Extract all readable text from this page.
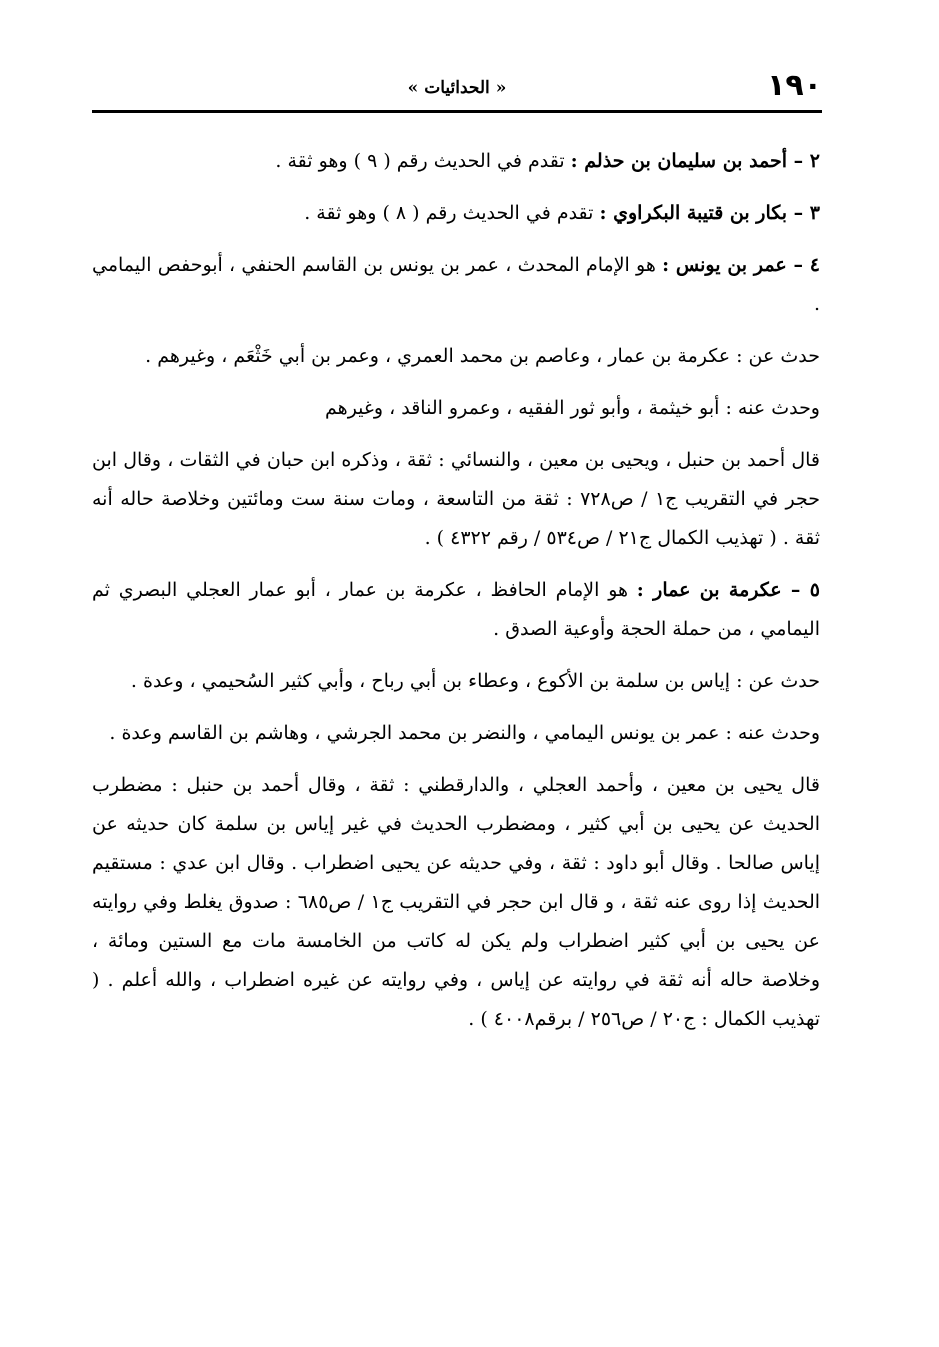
١٩٠
« الحدائيات »

٢ – أحمد بن سليمان بن حذلم : تقدم في الحديث رقم ( ٩ ) وهو ثقة .

٣ – بكار بن قتيبة البكراوي : تقدم في الحديث رقم ( ٨ ) وهو ثقة .

٤ – عمر بن يونس : هو الإمام المحدث ، عمر بن يونس بن القاسم الحنفي ، أبوحفص اليمامي .

حدث عن : عكرمة بن عمار ، وعاصم بن محمد العمري ، وعمر بن أبي خَثْعَم ، وغيرهم .

وحدث عنه : أبو خيثمة ، وأبو ثور الفقيه ، وعمرو الناقد ، وغيرهم

قال أحمد بن حنبل ، ويحيى بن معين ، والنسائي : ثقة ، وذكره ابن حبان في الثقات ، وقال ابن حجر في التقريب ج١ / ص٧٢٨ : ثقة من التاسعة ، ومات سنة ست ومائتين وخلاصة حاله أنه ثقة . ( تهذيب الكمال ج٢١ / ص٥٣٤ / رقم ٤٣٢٢ ) .

٥ – عكرمة بن عمار : هو الإمام الحافظ ، عكرمة بن عمار ، أبو عمار العجلي البصري ثم اليمامي ، من حملة الحجة وأوعية الصدق .

حدث عن : إياس بن سلمة بن الأكوع ، وعطاء بن أبي رباح ، وأبي كثير السُحيمي ، وعدة .

وحدث عنه : عمر بن يونس اليمامي ، والنضر بن محمد الجرشي ، وهاشم بن القاسم وعدة .

قال يحيى بن معين ، وأحمد العجلي ، والدارقطني : ثقة ، وقال أحمد بن حنبل : مضطرب الحديث عن يحيى بن أبي كثير ، ومضطرب الحديث في غير إياس بن سلمة كان حديثه عن إياس صالحا . وقال أبو داود : ثقة ، وفي حديثه عن يحيى اضطراب . وقال ابن عدي : مستقيم الحديث إذا روى عنه ثقة ، و قال ابن حجر في التقريب ج١ / ص٦٨٥ : صدوق يغلط وفي روايته عن يحيى بن أبي كثير اضطراب ولم يكن له كاتب من الخامسة مات مع الستين ومائة ، وخلاصة حاله أنه ثقة في روايته عن إياس ، وفي روايته عن غيره اضطراب ، والله أعلم . ( تهذيب الكمال : ج٢٠ / ص٢٥٦ / برقم٤٠٠٨ ) .
